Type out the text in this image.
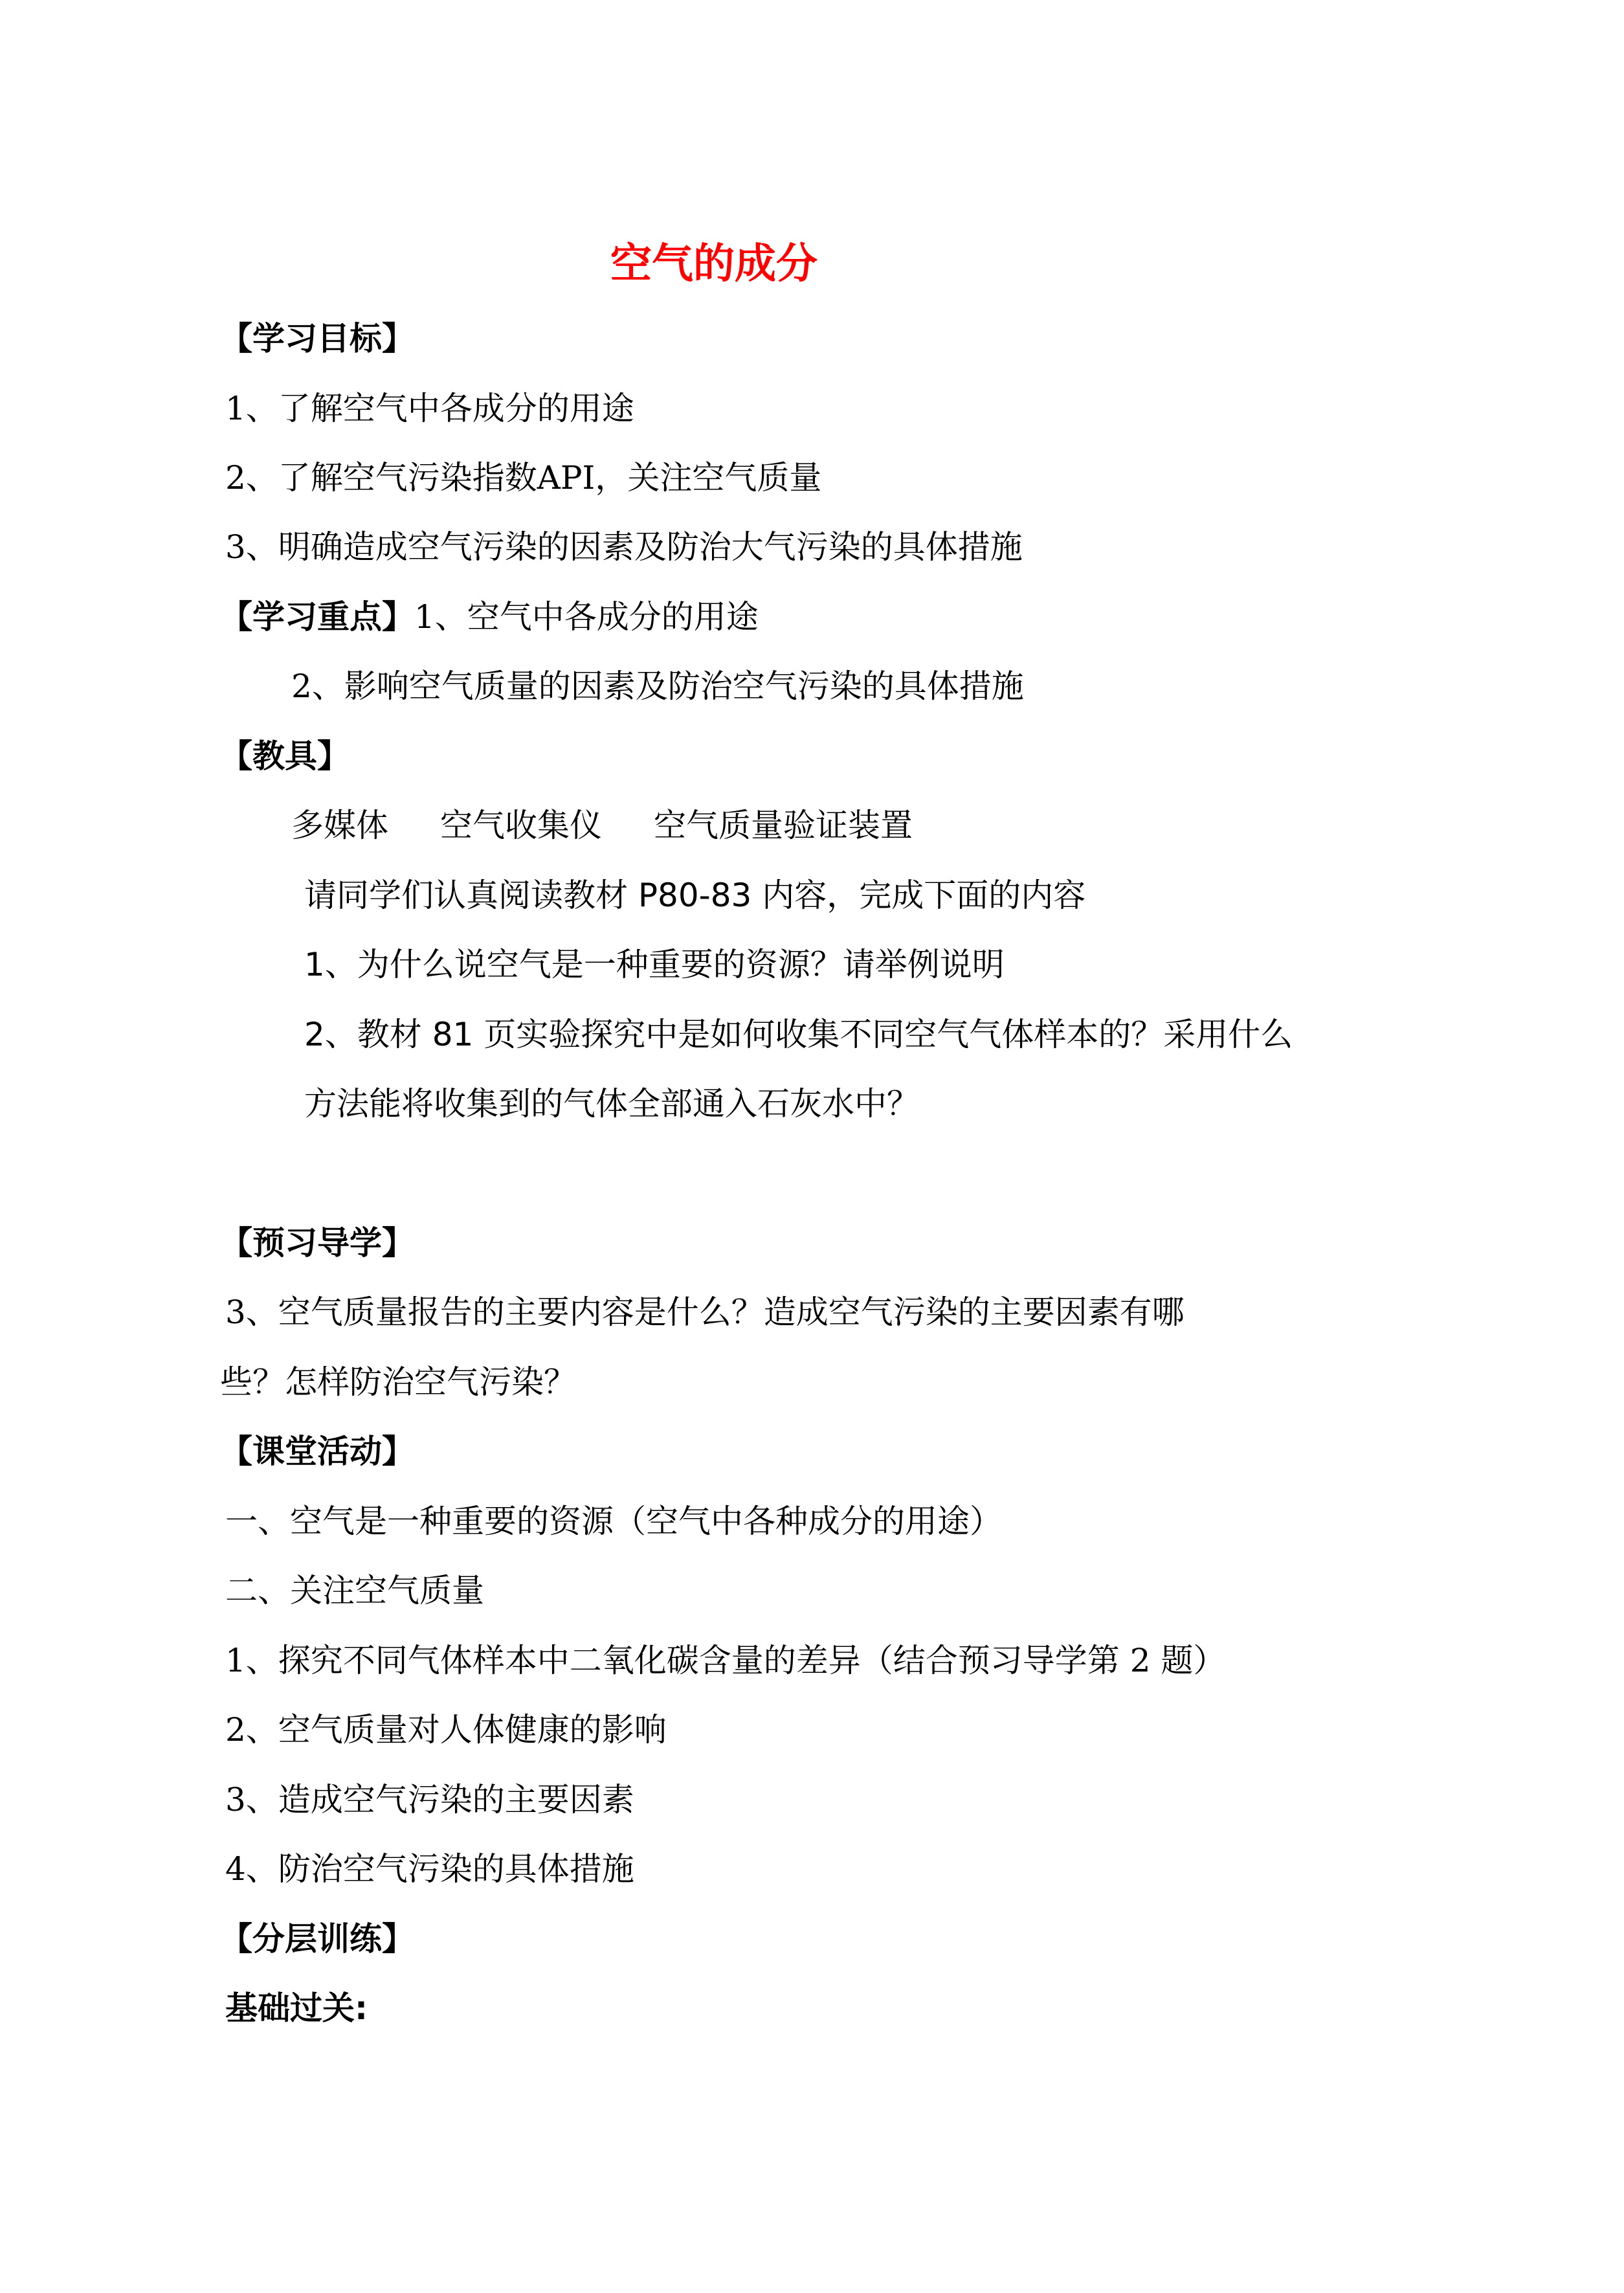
空气的成分
【学习目标】
1、了解空气中各成分的用途
2、了解空气污染指数API，关注空气质量
3、明确造成空气污染的因素及防治大气污染的具体措施
【学习重点】1、空气中各成分的用途
2、影响空气质量的因素及防治空气污染的具体措施
【教具】
多媒体 空气收集仪 空气质量验证装置
请同学们认真阅读教材 P80-83 内容，完成下面的内容
1、为什么说空气是一种重要的资源？请举例说明
2、教材 81 页实验探究中是如何收集不同空气气体样本的？采用什么
方法能将收集到的气体全部通入石灰水中？
【预习导学】
3、空气质量报告的主要内容是什么？造成空气污染的主要因素有哪
些？怎样防治空气污染？
【课堂活动】
一、空气是一种重要的资源（空气中各种成分的用途）
二、关注空气质量
1、探究不同气体样本中二氧化碳含量的差异（结合预习导学第 2 题）
2、空气质量对人体健康的影响
3、造成空气污染的主要因素
4、防治空气污染的具体措施
【分层训练】
基础过关:
